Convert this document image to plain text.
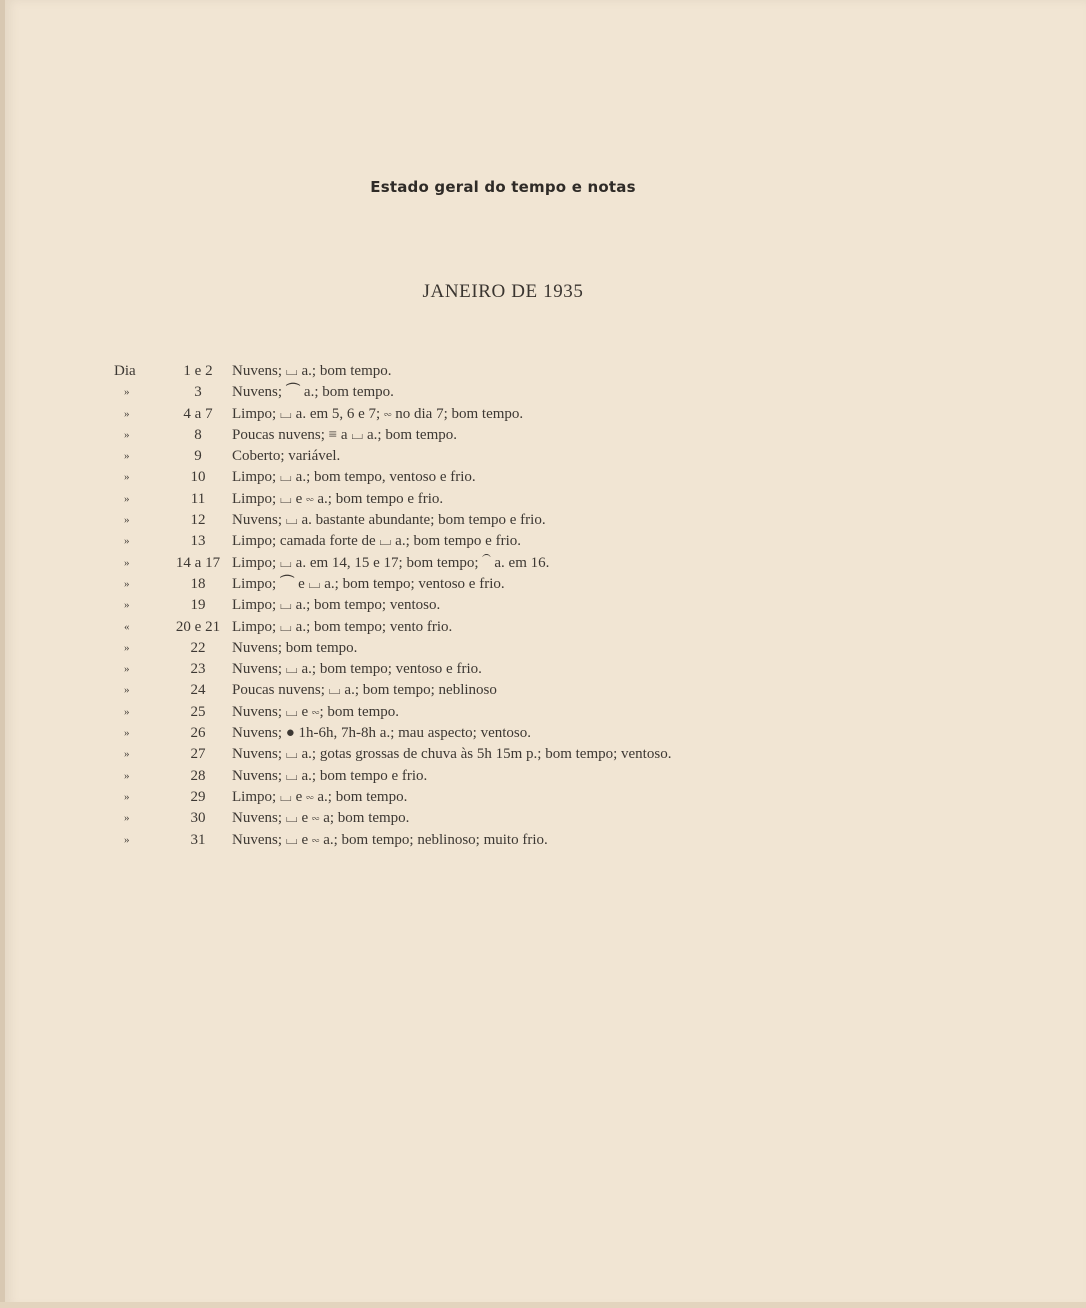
Estado geral do tempo e notas
JANEIRO DE 1935
Dia	1 e 2	Nuvens; ⌴ a.; bom tempo.
»	3	Nuvens; ⏜ a.; bom tempo.
»	4 a 7	Limpo; ⌴ a. em 5, 6 e 7; ∾ no dia 7; bom tempo.
»	8	Poucas nuvens; ≡ a ⌴ a.; bom tempo.
»	9	Coberto; variável.
»	10	Limpo; ⌴ a.; bom tempo, ventoso e frio.
»	11	Limpo; ⌴ e ∾ a.; bom tempo e frio.
»	12	Nuvens; ⌴ a. bastante abundante; bom tempo e frio.
»	13	Limpo; camada forte de ⌴ a.; bom tempo e frio.
»	14 a 17 Limpo; ⌴ a. em 14, 15 e 17; bom tempo; ⏜ a. em 16.
»	18	Limpo; ⏜ e ⌴ a.; bom tempo; ventoso e frio.
»	19	Limpo; ⌴ a.; bom tempo; ventoso.
«	20 e 21 Limpo; ⌴ a.; bom tempo; vento frio.
»	22	Nuvens; bom tempo.
»	23	Nuvens; ⌴ a.; bom tempo; ventoso e frio.
»	24	Poucas nuvens; ⌴ a.; bom tempo; neblinoso
»	25	Nuvens; ⌴ e ∾; bom tempo.
»	26	Nuvens; ● 1h-6h, 7h-8h a.; mau aspecto; ventoso.
»	27	Nuvens; ⌴ a.; gotas grossas de chuva às 5h 15m p.; bom tempo; ventoso.
»	28	Nuvens; ⌴ a.; bom tempo e frio.
»	29	Limpo; ⌴ e ∾ a.; bom tempo.
»	30	Nuvens; ⌴ e ∾ a; bom tempo.
»	31	Nuvens; ⌴ e ∾ a.; bom tempo; neblinoso; muito frio.
